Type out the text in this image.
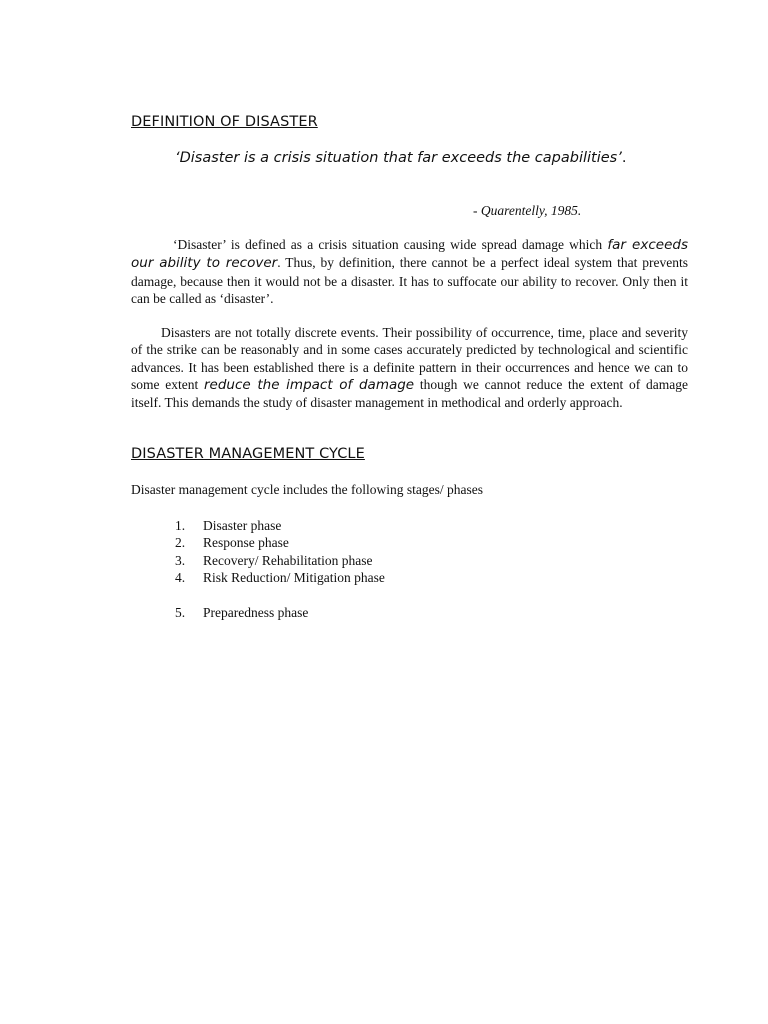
DEFINITION OF DISASTER
‘Disaster is a crisis situation that far exceeds the capabilities’.
- Quarentelly, 1985.

‘Disaster’ is defined as a crisis situation causing wide spread damage which far exceeds our ability to recover. Thus, by definition, there cannot be a perfect ideal system that prevents damage, because then it would not be a disaster. It has to suffocate our ability to recover. Only then it can be called as ‘disaster’.

Disasters are not totally discrete events. Their possibility of occurrence, time, place and severity of the strike can be reasonably and in some cases accurately predicted by technological and scientific advances. It has been established there is a definite pattern in their occurrences and hence we can to some extent reduce the impact of damage though we cannot reduce the extent of damage itself. This demands the study of disaster management in methodical and orderly approach.

DISASTER MANAGEMENT CYCLE
Disaster management cycle includes the following stages/ phases
1. Disaster phase
2. Response phase
3. Recovery/ Rehabilitation phase
4. Risk Reduction/ Mitigation phase
5. Preparedness phase
